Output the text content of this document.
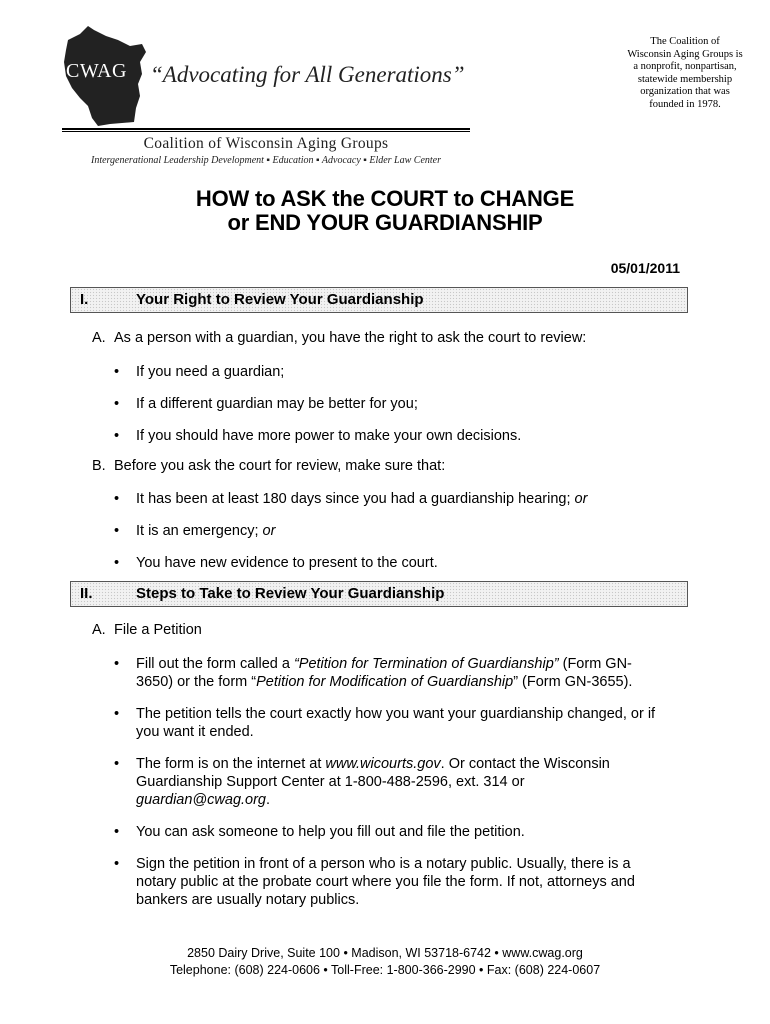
CWAG “Advocating for All Generations”
The Coalition of
Wisconsin Aging Groups is
a nonprofit, nonpartisan,
statewide membership
organization that was
founded in 1978.
Coalition of Wisconsin Aging Groups
Intergenerational Leadership Development ▪ Education ▪ Advocacy ▪ Elder Law Center
HOW to ASK the COURT to CHANGE
or END YOUR GUARDIANSHIP
05/01/2011
I.	Your Right to Review Your Guardianship
A. As a person with a guardian, you have the right to ask the court to review:
• If you need a guardian;
• If a different guardian may be better for you;
• If you should have more power to make your own decisions.
B. Before you ask the court for review, make sure that:
• It has been at least 180 days since you had a guardianship hearing; or
• It is an emergency; or
• You have new evidence to present to the court.
II.	Steps to Take to Review Your Guardianship
A. File a Petition
• Fill out the form called a “Petition for Termination of Guardianship” (Form GN-
3650) or the form “Petition for Modification of Guardianship” (Form GN-3655).
• The petition tells the court exactly how you want your guardianship changed, or if
you want it ended.
• The form is on the internet at www.wicourts.gov. Or contact the Wisconsin
Guardianship Support Center at 1-800-488-2596, ext. 314 or
guardian@cwag.org.
• You can ask someone to help you fill out and file the petition.
• Sign the petition in front of a person who is a notary public. Usually, there is a
notary public at the probate court where you file the form. If not, attorneys and
bankers are usually notary publics.
2850 Dairy Drive, Suite 100 • Madison, WI 53718-6742 • www.cwag.org
Telephone: (608) 224-0606 • Toll-Free: 1-800-366-2990 • Fax: (608) 224-0607
